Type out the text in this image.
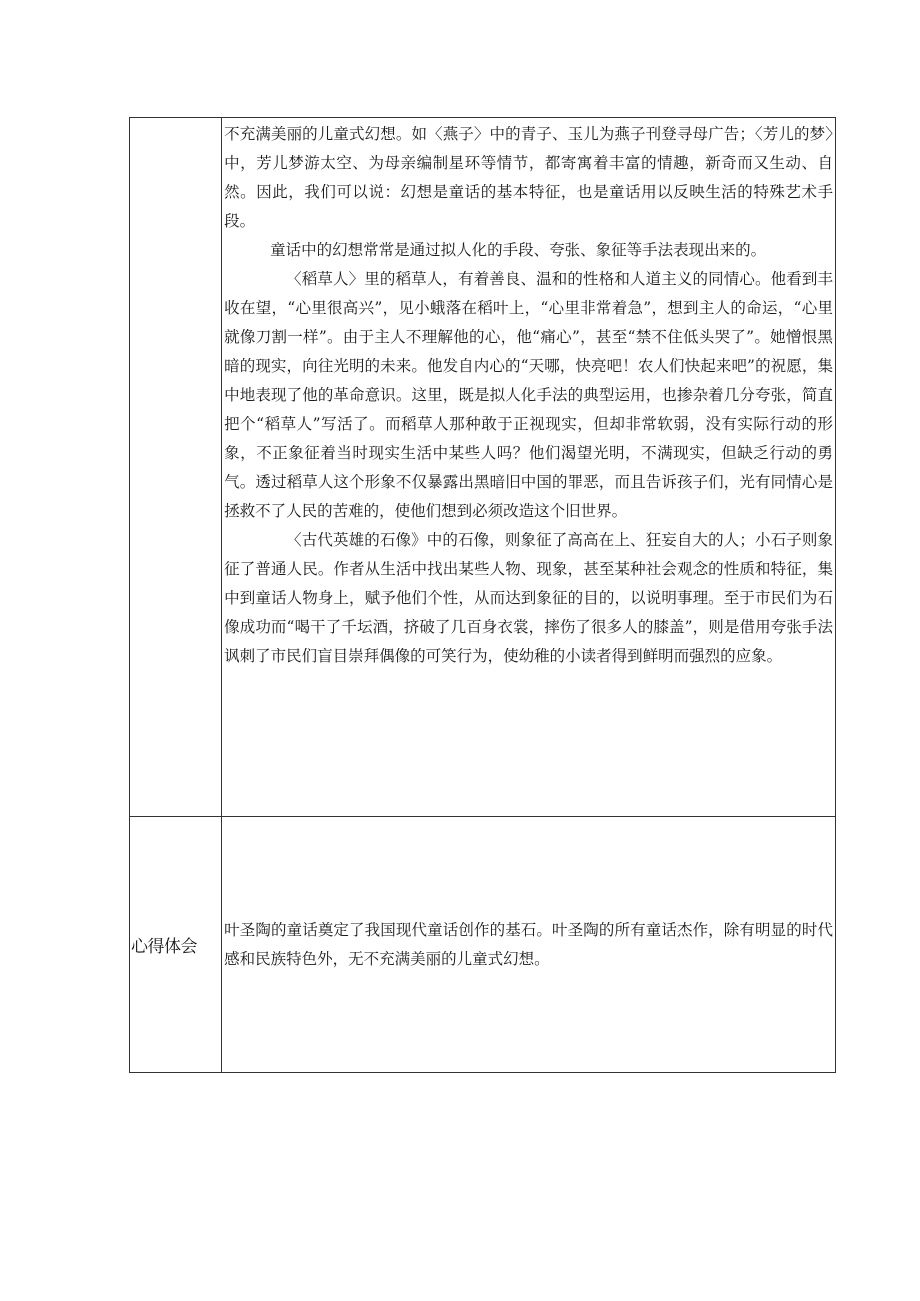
	不充满美丽的儿童式幻想。如〈燕子〉中的青子、玉儿为燕子刊登寻母广告；〈芳儿的梦〉中，芳儿梦游太空、为母亲编制星环等情节，都寄寓着丰富的情趣，新奇而又生动、自然。因此，我们可以说：幻想是童话的基本特征，也是童话用以反映生活的特殊艺术手段。

童话中的幻想常常是通过拟人化的手段、夸张、象征等手法表现出来的。

〈稻草人〉里的稻草人，有着善良、温和的性格和人道主义的同情心。他看到丰收在望，“心里很高兴”，见小蛾落在稻叶上，“心里非常着急”，想到主人的命运，“心里就像刀割一样”。由于主人不理解他的心，他“痛心”，甚至“禁不住低头哭了”。她憎恨黑暗的现实，向往光明的未来。他发自内心的“天哪，快亮吧！农人们快起来吧”的祝愿，集中地表现了他的革命意识。这里，既是拟人化手法的典型运用，也掺杂着几分夸张，简直把个“稻草人”写活了。而稻草人那种敢于正视现实，但却非常软弱，没有实际行动的形象，不正象征着当时现实生活中某些人吗？他们渴望光明，不满现实，但缺乏行动的勇气。透过稻草人这个形象不仅暴露出黑暗旧中国的罪恶，而且告诉孩子们，光有同情心是拯救不了人民的苦难的，使他们想到必须改造这个旧世界。

〈古代英雄的石像》中的石像，则象征了高高在上、狂妄自大的人；小石子则象征了普通人民。作者从生活中找出某些人物、现象，甚至某种社会观念的性质和特征，集中到童话人物身上，赋予他们个性，从而达到象征的目的，以说明事理。至于市民们为石像成功而“喝干了千坛酒，挤破了几百身衣裳，摔伤了很多人的膝盖”，则是借用夸张手法讽刺了市民们盲目崇拜偶像的可笑行为，使幼稚的小读者得到鲜明而强烈的应象。

心得体会	叶圣陶的童话奠定了我国现代童话创作的基石。叶圣陶的所有童话杰作，除有明显的时代感和民族特色外，无不充满美丽的儿童式幻想。
